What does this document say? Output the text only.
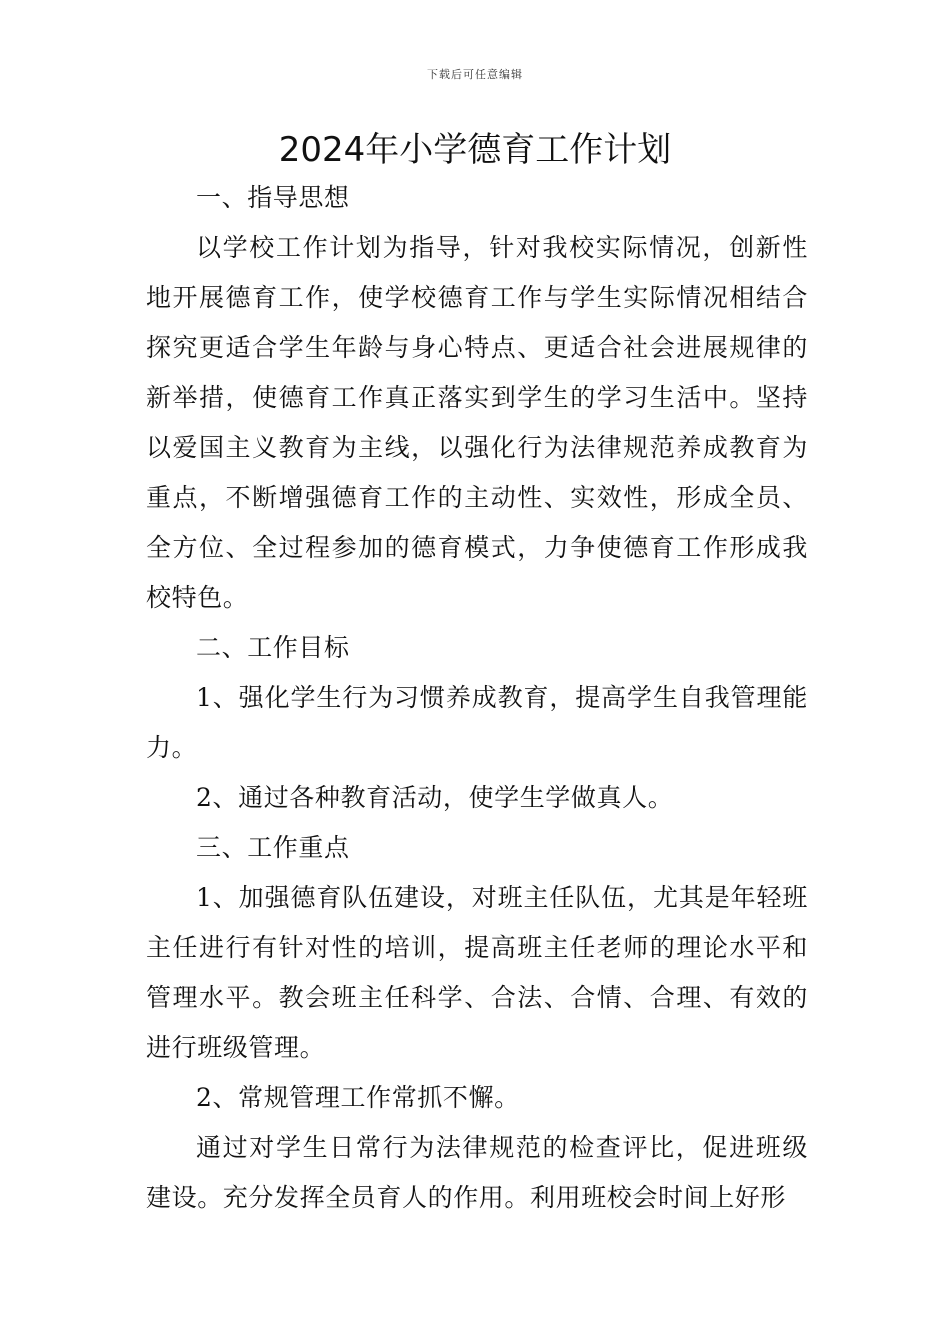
下载后可任意编辑
2024年小学德育工作计划

一、指导思想

以学校工作计划为指导，针对我校实际情况，创新性地开展德育工作，使学校德育工作与学生实际情况相结合探究更适合学生年龄与身心特点、更适合社会进展规律的新举措，使德育工作真正落实到学生的学习生活中。坚持以爱国主义教育为主线，以强化行为法律规范养成教育为重点，不断增强德育工作的主动性、实效性，形成全员、全方位、全过程参加的德育模式，力争使德育工作形成我校特色。

二、工作目标

1、强化学生行为习惯养成教育，提高学生自我管理能力。

2、通过各种教育活动，使学生学做真人。

三、工作重点

1、加强德育队伍建设，对班主任队伍，尤其是年轻班主任进行有针对性的培训，提高班主任老师的理论水平和管理水平。教会班主任科学、合法、合情、合理、有效的进行班级管理。

2、常规管理工作常抓不懈。

通过对学生日常行为法律规范的检查评比，促进班级建设。充分发挥全员育人的作用。利用班校会时间上好形
